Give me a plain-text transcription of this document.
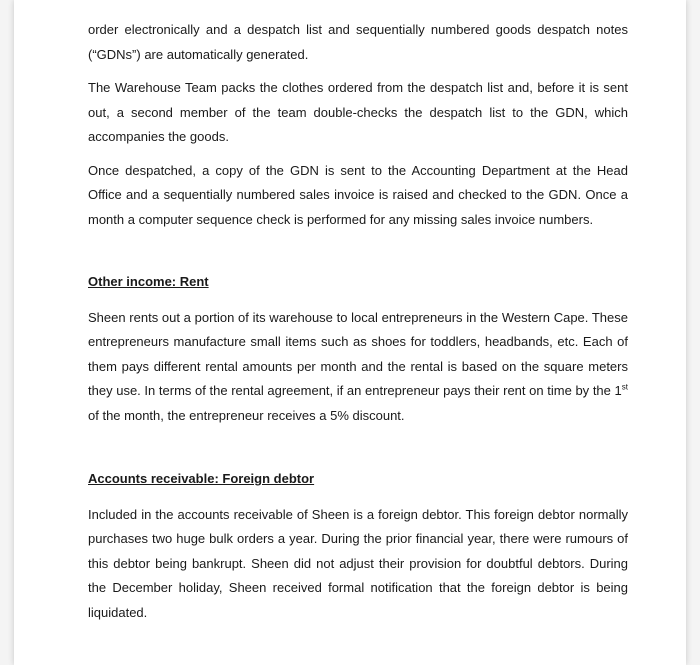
order electronically and a despatch list and sequentially numbered goods despatch notes (“GDNs”) are automatically generated.

The Warehouse Team packs the clothes ordered from the despatch list and, before it is sent out, a second member of the team double-checks the despatch list to the GDN, which accompanies the goods.

Once despatched, a copy of the GDN is sent to the Accounting Department at the Head Office and a sequentially numbered sales invoice is raised and checked to the GDN. Once a month a computer sequence check is performed for any missing sales invoice numbers.

Other income: Rent

Sheen rents out a portion of its warehouse to local entrepreneurs in the Western Cape. These entrepreneurs manufacture small items such as shoes for toddlers, headbands, etc. Each of them pays different rental amounts per month and the rental is based on the square meters they use. In terms of the rental agreement, if an entrepreneur pays their rent on time by the 1st of the month, the entrepreneur receives a 5% discount.

Accounts receivable: Foreign debtor

Included in the accounts receivable of Sheen is a foreign debtor. This foreign debtor normally purchases two huge bulk orders a year. During the prior financial year, there were rumours of this debtor being bankrupt. Sheen did not adjust their provision for doubtful debtors. During the December holiday, Sheen received formal notification that the foreign debtor is being liquidated.
